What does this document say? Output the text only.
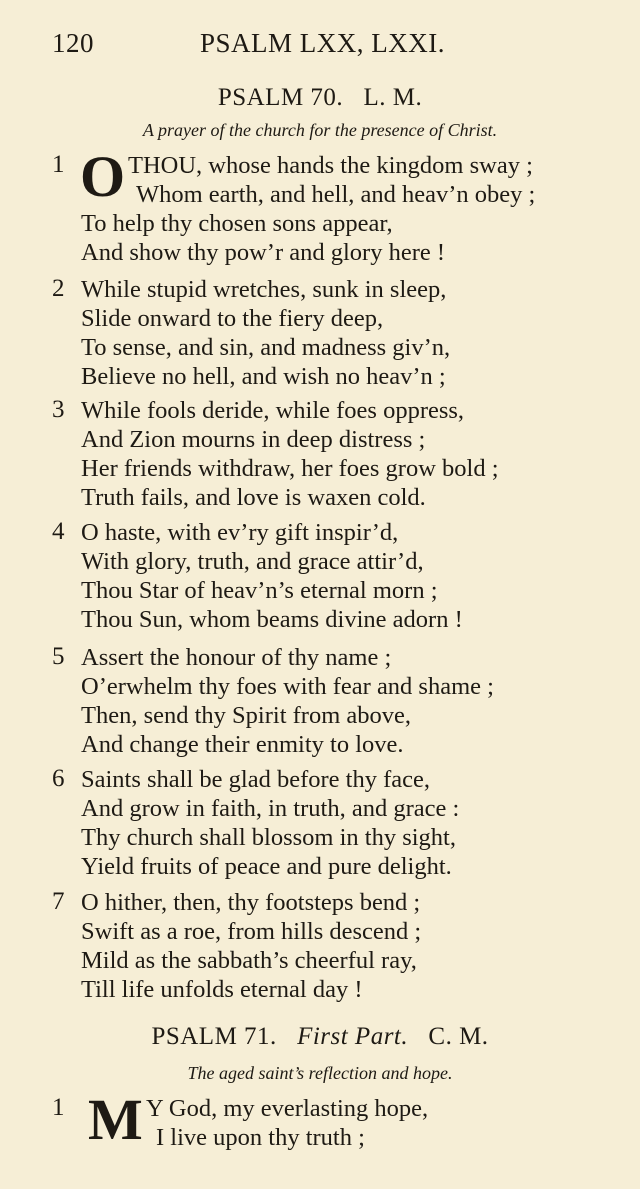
120	PSALM LXX, LXXI.
PSALM 70. L. M.
A prayer of the church for the presence of Christ.
1 O THOU, whose hands the kingdom sway ;
Whom earth, and hell, and heav’n obey ;
To help thy chosen sons appear,
And show thy pow’r and glory here !
2 While stupid wretches, sunk in sleep,
Slide onward to the fiery deep,
To sense, and sin, and madness giv’n,
Believe no hell, and wish no heav’n ;
3 While fools deride, while foes oppress,
And Zion mourns in deep distress ;
Her friends withdraw, her foes grow bold ;
Truth fails, and love is waxen cold.
4 O haste, with ev’ry gift inspir’d,
With glory, truth, and grace attir’d,
Thou Star of heav’n’s eternal morn ;
Thou Sun, whom beams divine adorn !
5 Assert the honour of thy name ;
O’erwhelm thy foes with fear and shame ;
Then, send thy Spirit from above,
And change their enmity to love.
6 Saints shall be glad before thy face,
And grow in faith, in truth, and grace :
Thy church shall blossom in thy sight,
Yield fruits of peace and pure delight.
7 O hither, then, thy footsteps bend ;
Swift as a roe, from hills descend ;
Mild as the sabbath’s cheerful ray,
Till life unfolds eternal day !
PSALM 71. First Part. C. M.
The aged saint’s reflection and hope.
1 M Y God, my everlasting hope,
I live upon thy truth ;
